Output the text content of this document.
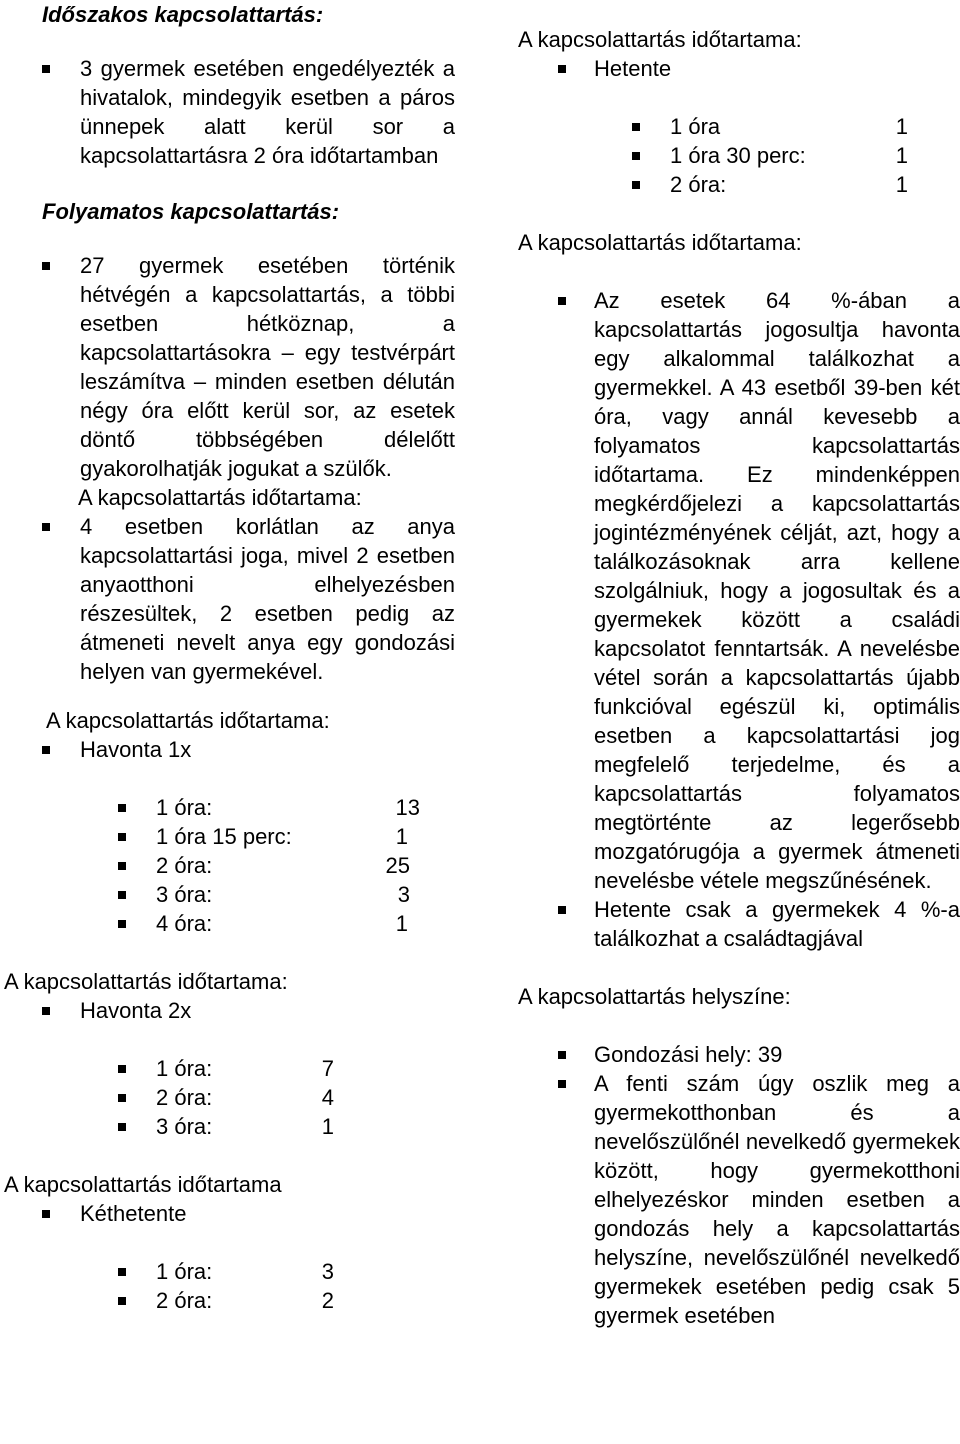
Időszakos kapcsolattartás:
3 gyermek esetében engedélyezték a hivatalok, mindegyik esetben a páros ünnepek alatt kerül sor a kapcsolattartásra 2 óra időtartamban
Folyamatos kapcsolattartás:
27 gyermek esetében történik hétvégén a kapcsolattartás, a többi esetben hétköznap, a kapcsolattartásokra – egy testvérpárt leszámítva – minden esetben délután négy óra előtt kerül sor, az esetek döntő többségében délelőtt gyakorolhatják jogukat a szülők.
A kapcsolattartás időtartama:
4 esetben korlátlan az anya kapcsolattartási joga, mivel 2 esetben anyaotthoni elhelyezésben részesültek, 2 esetben pedig az átmeneti nevelt anya egy gondozási helyen van gyermekével.
A kapcsolattartás időtartama:
Havonta 1x
1 óra:	13
1 óra 15 perc:	1
2 óra:	25
3 óra:	3
4 óra:	1
A kapcsolattartás időtartama:
Havonta 2x
1 óra:	7
2 óra:	4
3 óra:	1
A kapcsolattartás időtartama
Kéthetente
1 óra:	3
2 óra:	2
A kapcsolattartás időtartama:
Hetente
1 óra	1
1 óra 30 perc:	1
2 óra:	1
A kapcsolattartás időtartama:
Az esetek 64 %-ában a kapcsolattartás jogosultja havonta egy alkalommal találkozhat a gyermekkel. A 43 esetből 39-ben két óra, vagy annál kevesebb a folyamatos kapcsolattartás időtartama. Ez mindenképpen megkérdőjelezi a kapcsolattartás jogintézményének célját, azt, hogy a találkozásoknak arra kellene szolgálniuk, hogy a jogosultak és a gyermekek között a családi kapcsolatot fenntartsák. A nevelésbe vétel során a kapcsolattartás újabb funkcióval egészül ki, optimális esetben a kapcsolattartási jog megfelelő terjedelme, és a kapcsolattartás folyamatos megtörténte az legerősebb mozgatórugója a gyermek átmeneti nevelésbe vétele megszűnésének.
Hetente csak a gyermekek 4 %-a találkozhat a családtagjával
A kapcsolattartás helyszíne:
Gondozási hely: 39
A fenti szám úgy oszlik meg a gyermekotthonban és a nevelőszülőnél nevelkedő gyermekek között, hogy gyermekotthoni elhelyezéskor minden esetben a gondozás hely a kapcsolattartás helyszíne, nevelőszülőnél nevelkedő gyermekek esetében pedig csak 5 gyermek esetében
